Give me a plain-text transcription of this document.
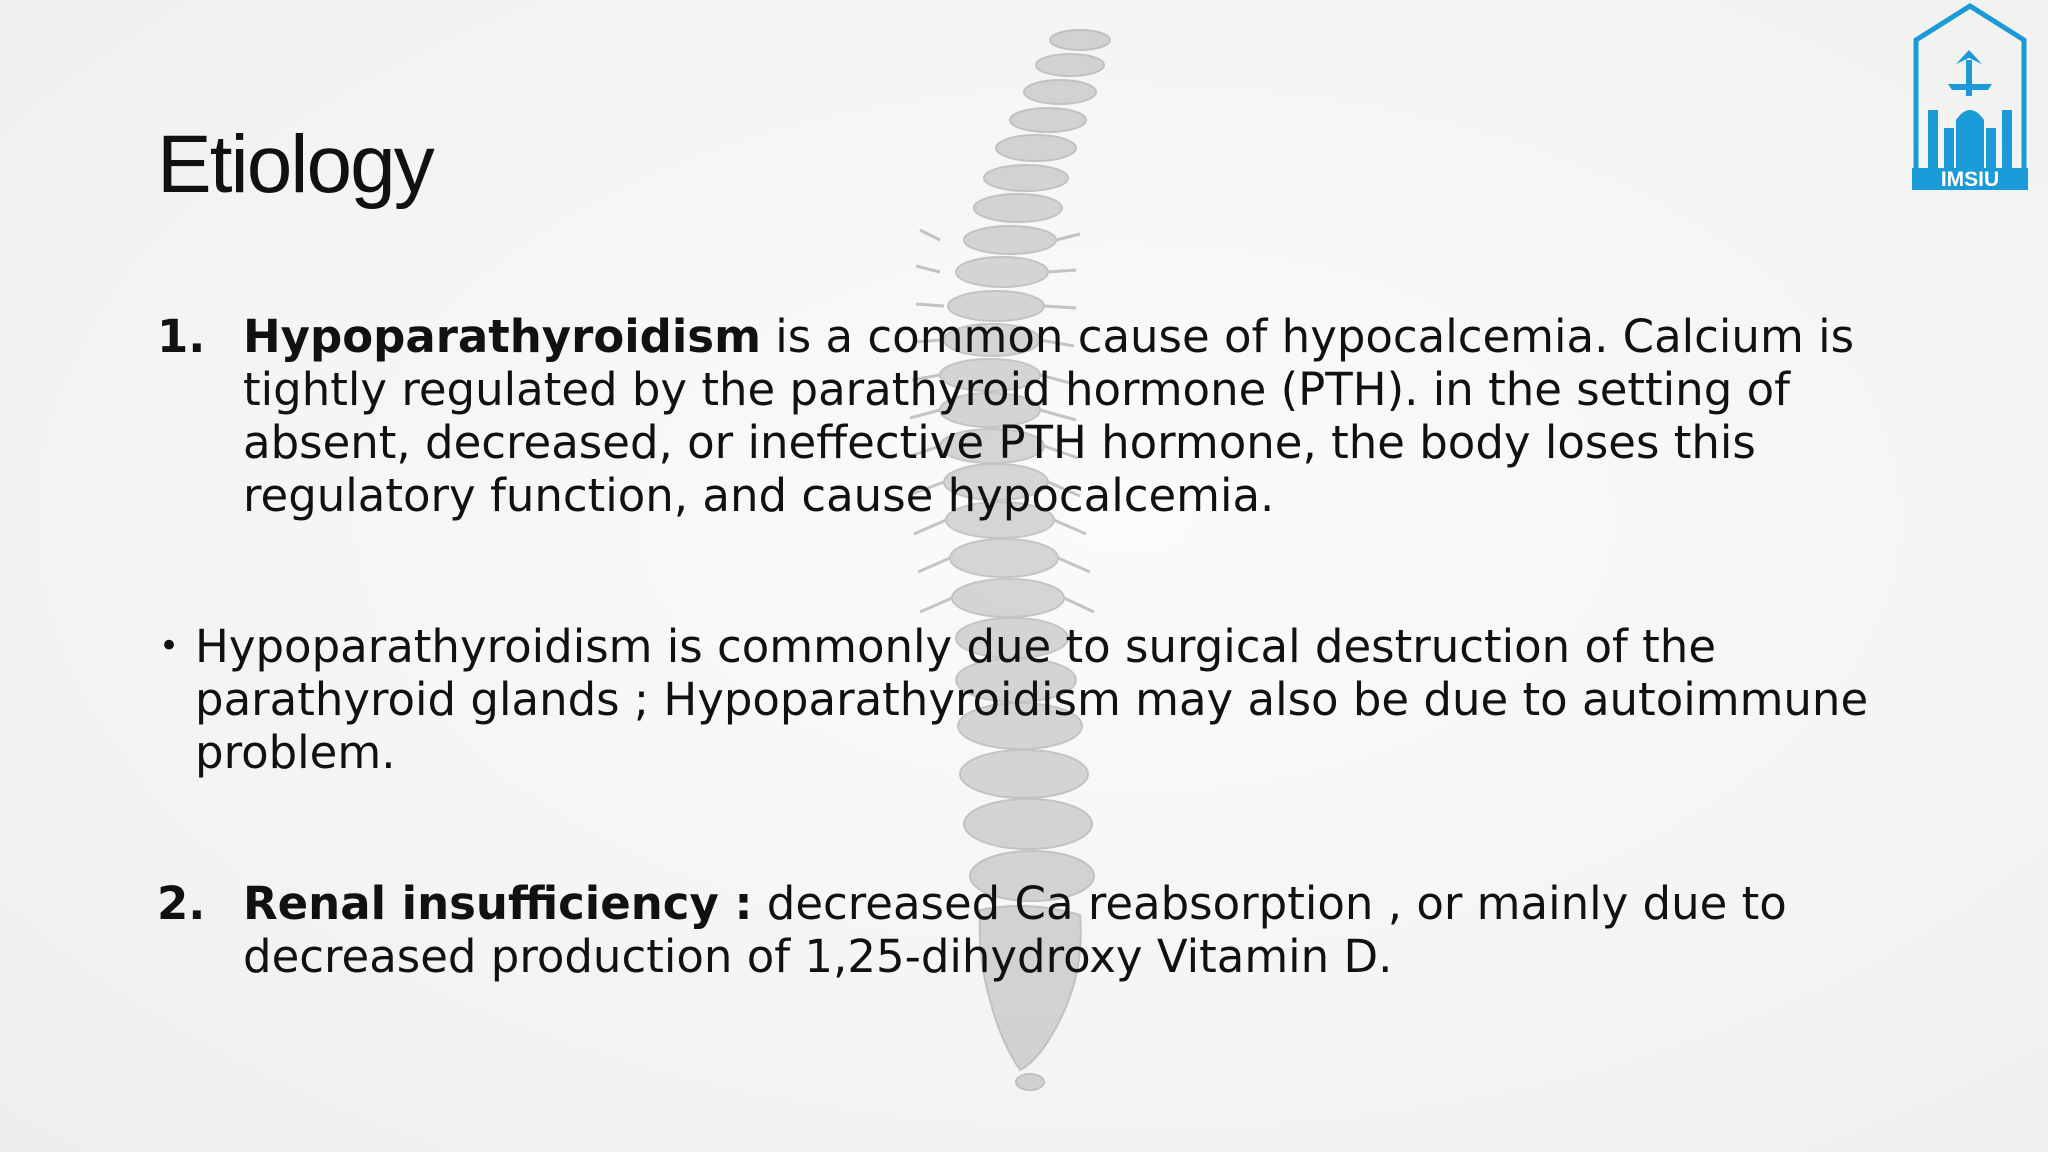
Etiology	IMSIU
1. Hypoparathyroidism is a common cause of hypocalcemia. Calcium is tightly regulated by the parathyroid hormone (PTH). in the setting of absent, decreased, or ineffective PTH hormone, the body loses this regulatory function, and cause hypocalcemia.
• Hypoparathyroidism is commonly due to surgical destruction of the parathyroid glands ; Hypoparathyroidism may also be due to autoimmune problem.
2. Renal insufficiency : decreased Ca reabsorption , or mainly due to decreased production of 1,25-dihydroxy Vitamin D.
